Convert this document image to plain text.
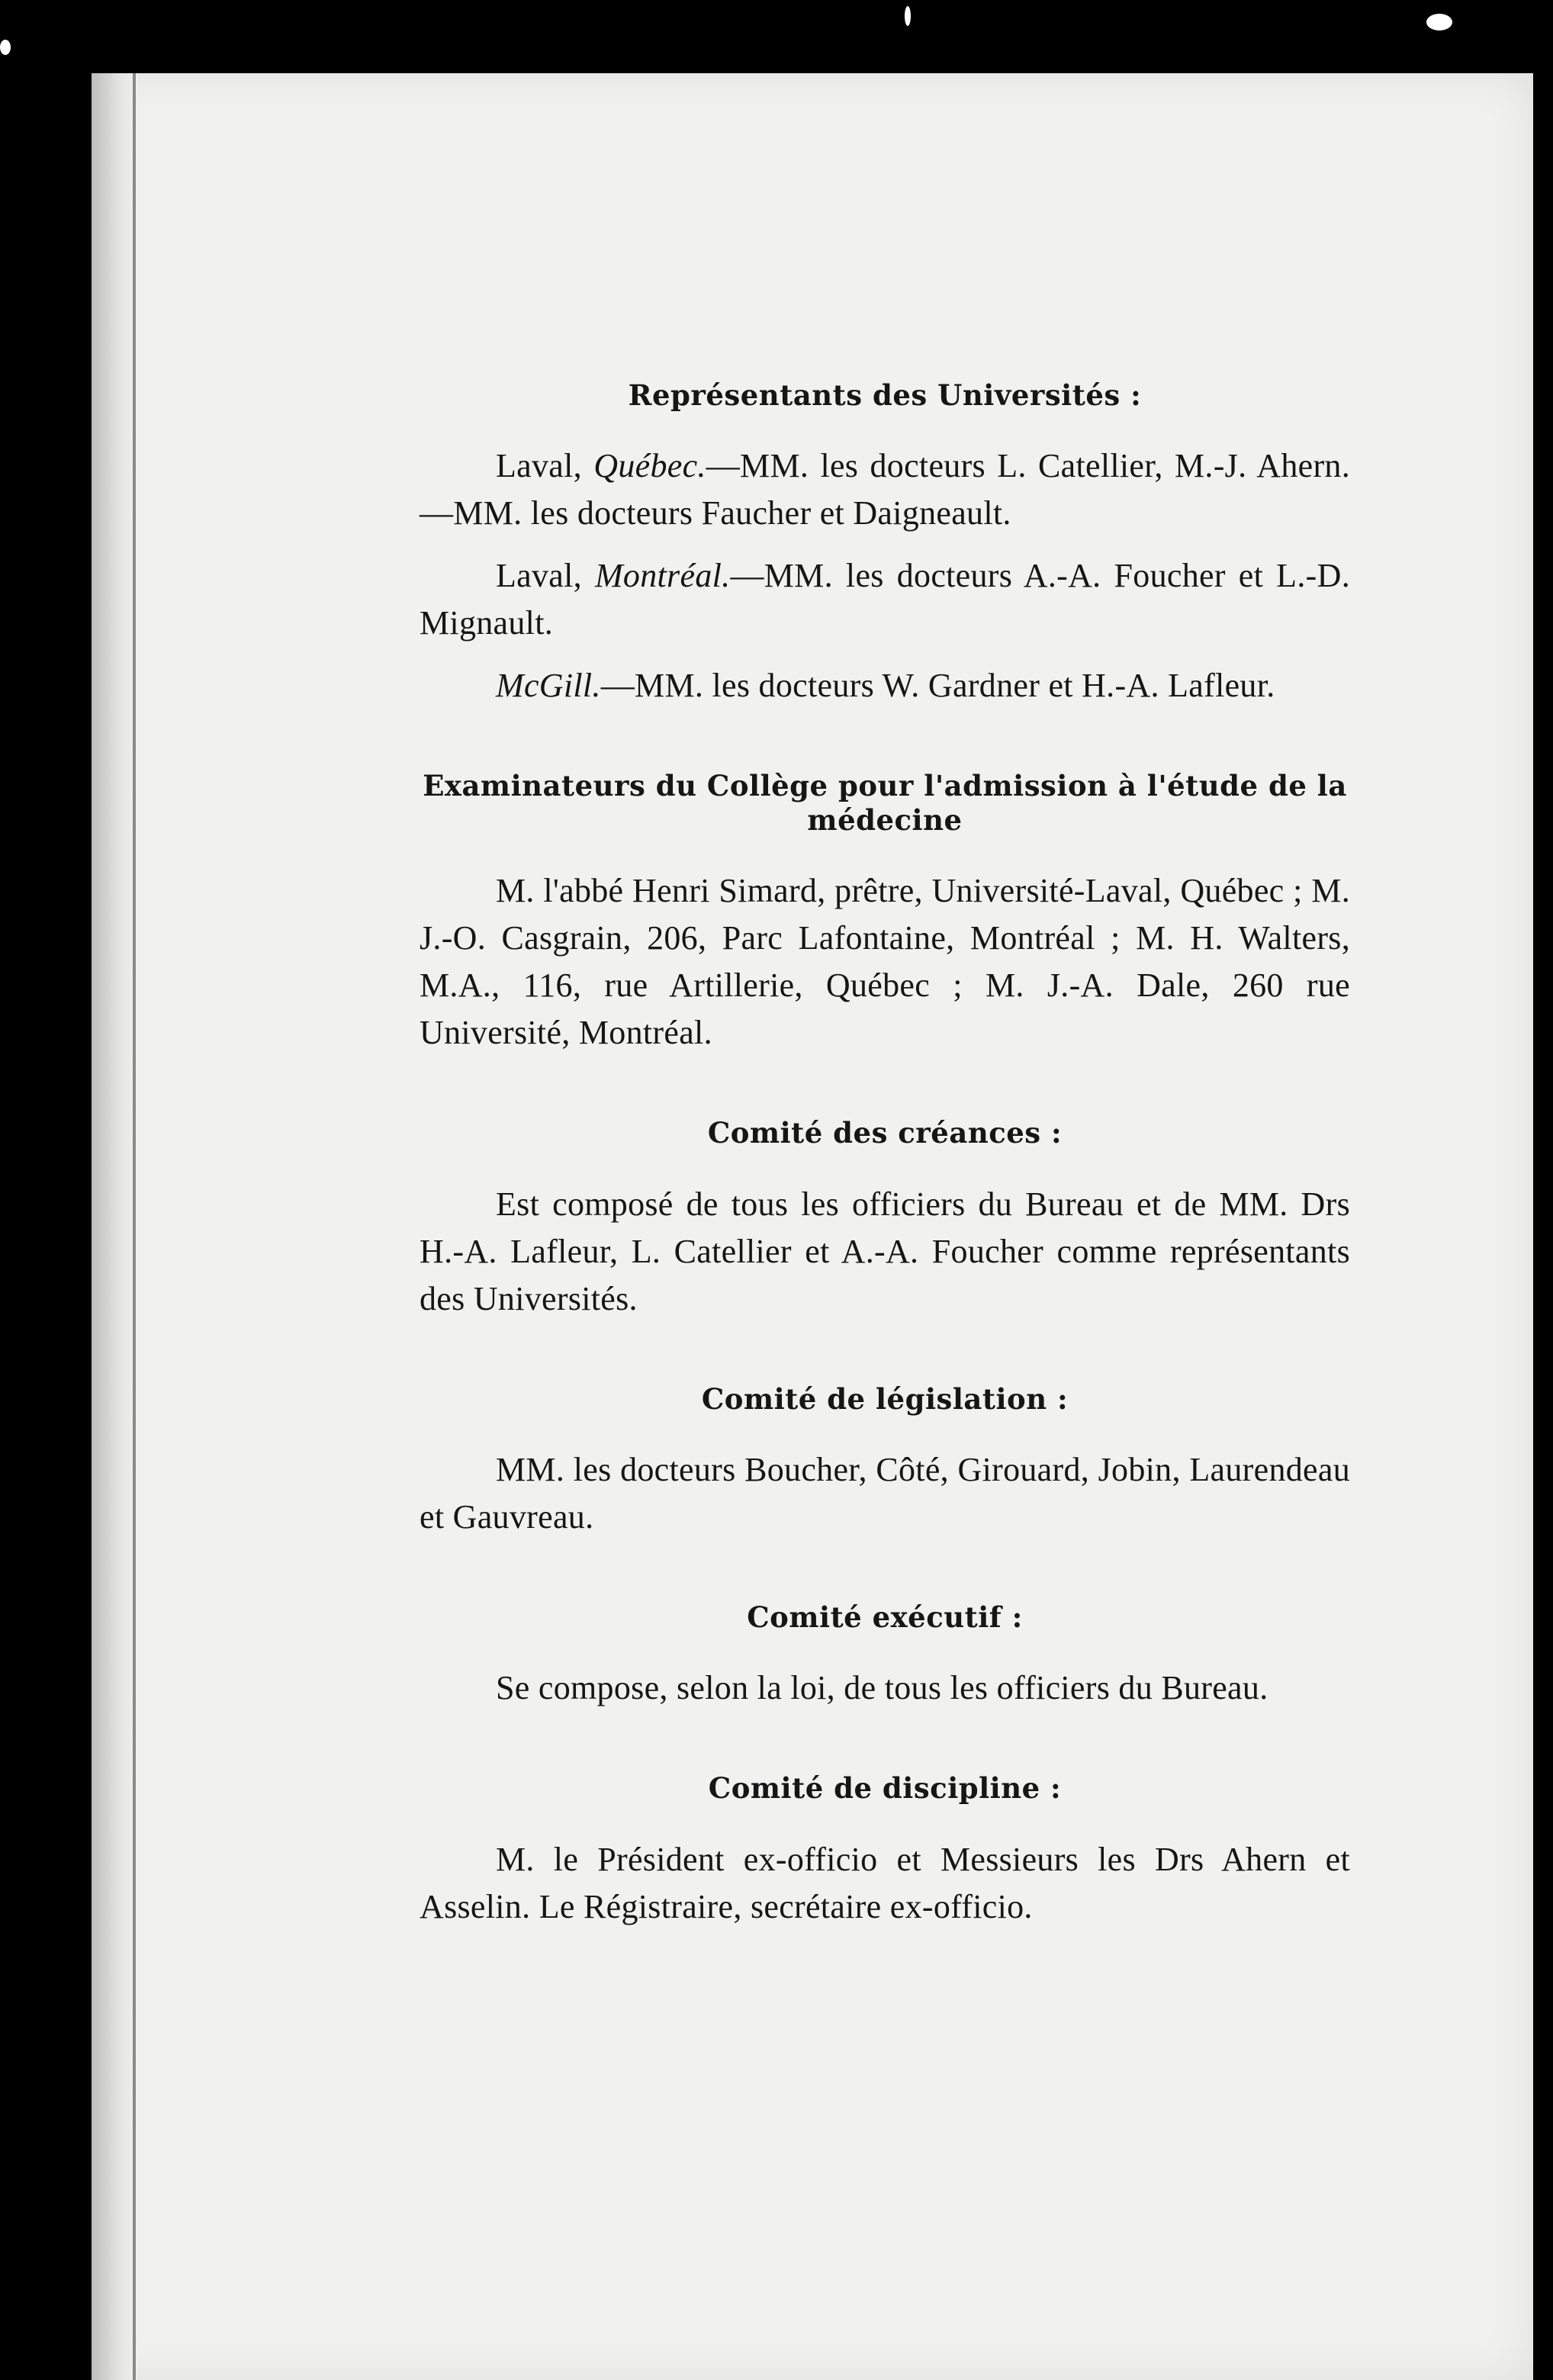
Représentants des Universités :

Laval, Québec.—MM. les docteurs L. Catellier, M.-J. Ahern.—MM. les docteurs Faucher et Daigneault.

Laval, Montréal.—MM. les docteurs A.-A. Foucher et L.-D. Mignault.

McGill.—MM. les docteurs W. Gardner et H.-A. Lafleur.

Examinateurs du Collège pour l'admission à l'étude de la médecine

M. l'abbé Henri Simard, prêtre, Université-Laval, Québec ; M. J.-O. Casgrain, 206, Parc Lafontaine, Montréal ; M. H. Walters, M.A., 116, rue Artillerie, Québec ; M. J.-A. Dale, 260 rue Université, Montréal.

Comité des créances :

Est composé de tous les officiers du Bureau et de MM. Drs H.-A. Lafleur, L. Catellier et A.-A. Foucher comme représentants des Universités.

Comité de législation :

MM. les docteurs Boucher, Côté, Girouard, Jobin, Laurendeau et Gauvreau.

Comité exécutif :

Se compose, selon la loi, de tous les officiers du Bureau.

Comité de discipline :

M. le Président ex-officio et Messieurs les Drs Ahern et Asselin. Le Régistraire, secrétaire ex-officio.
